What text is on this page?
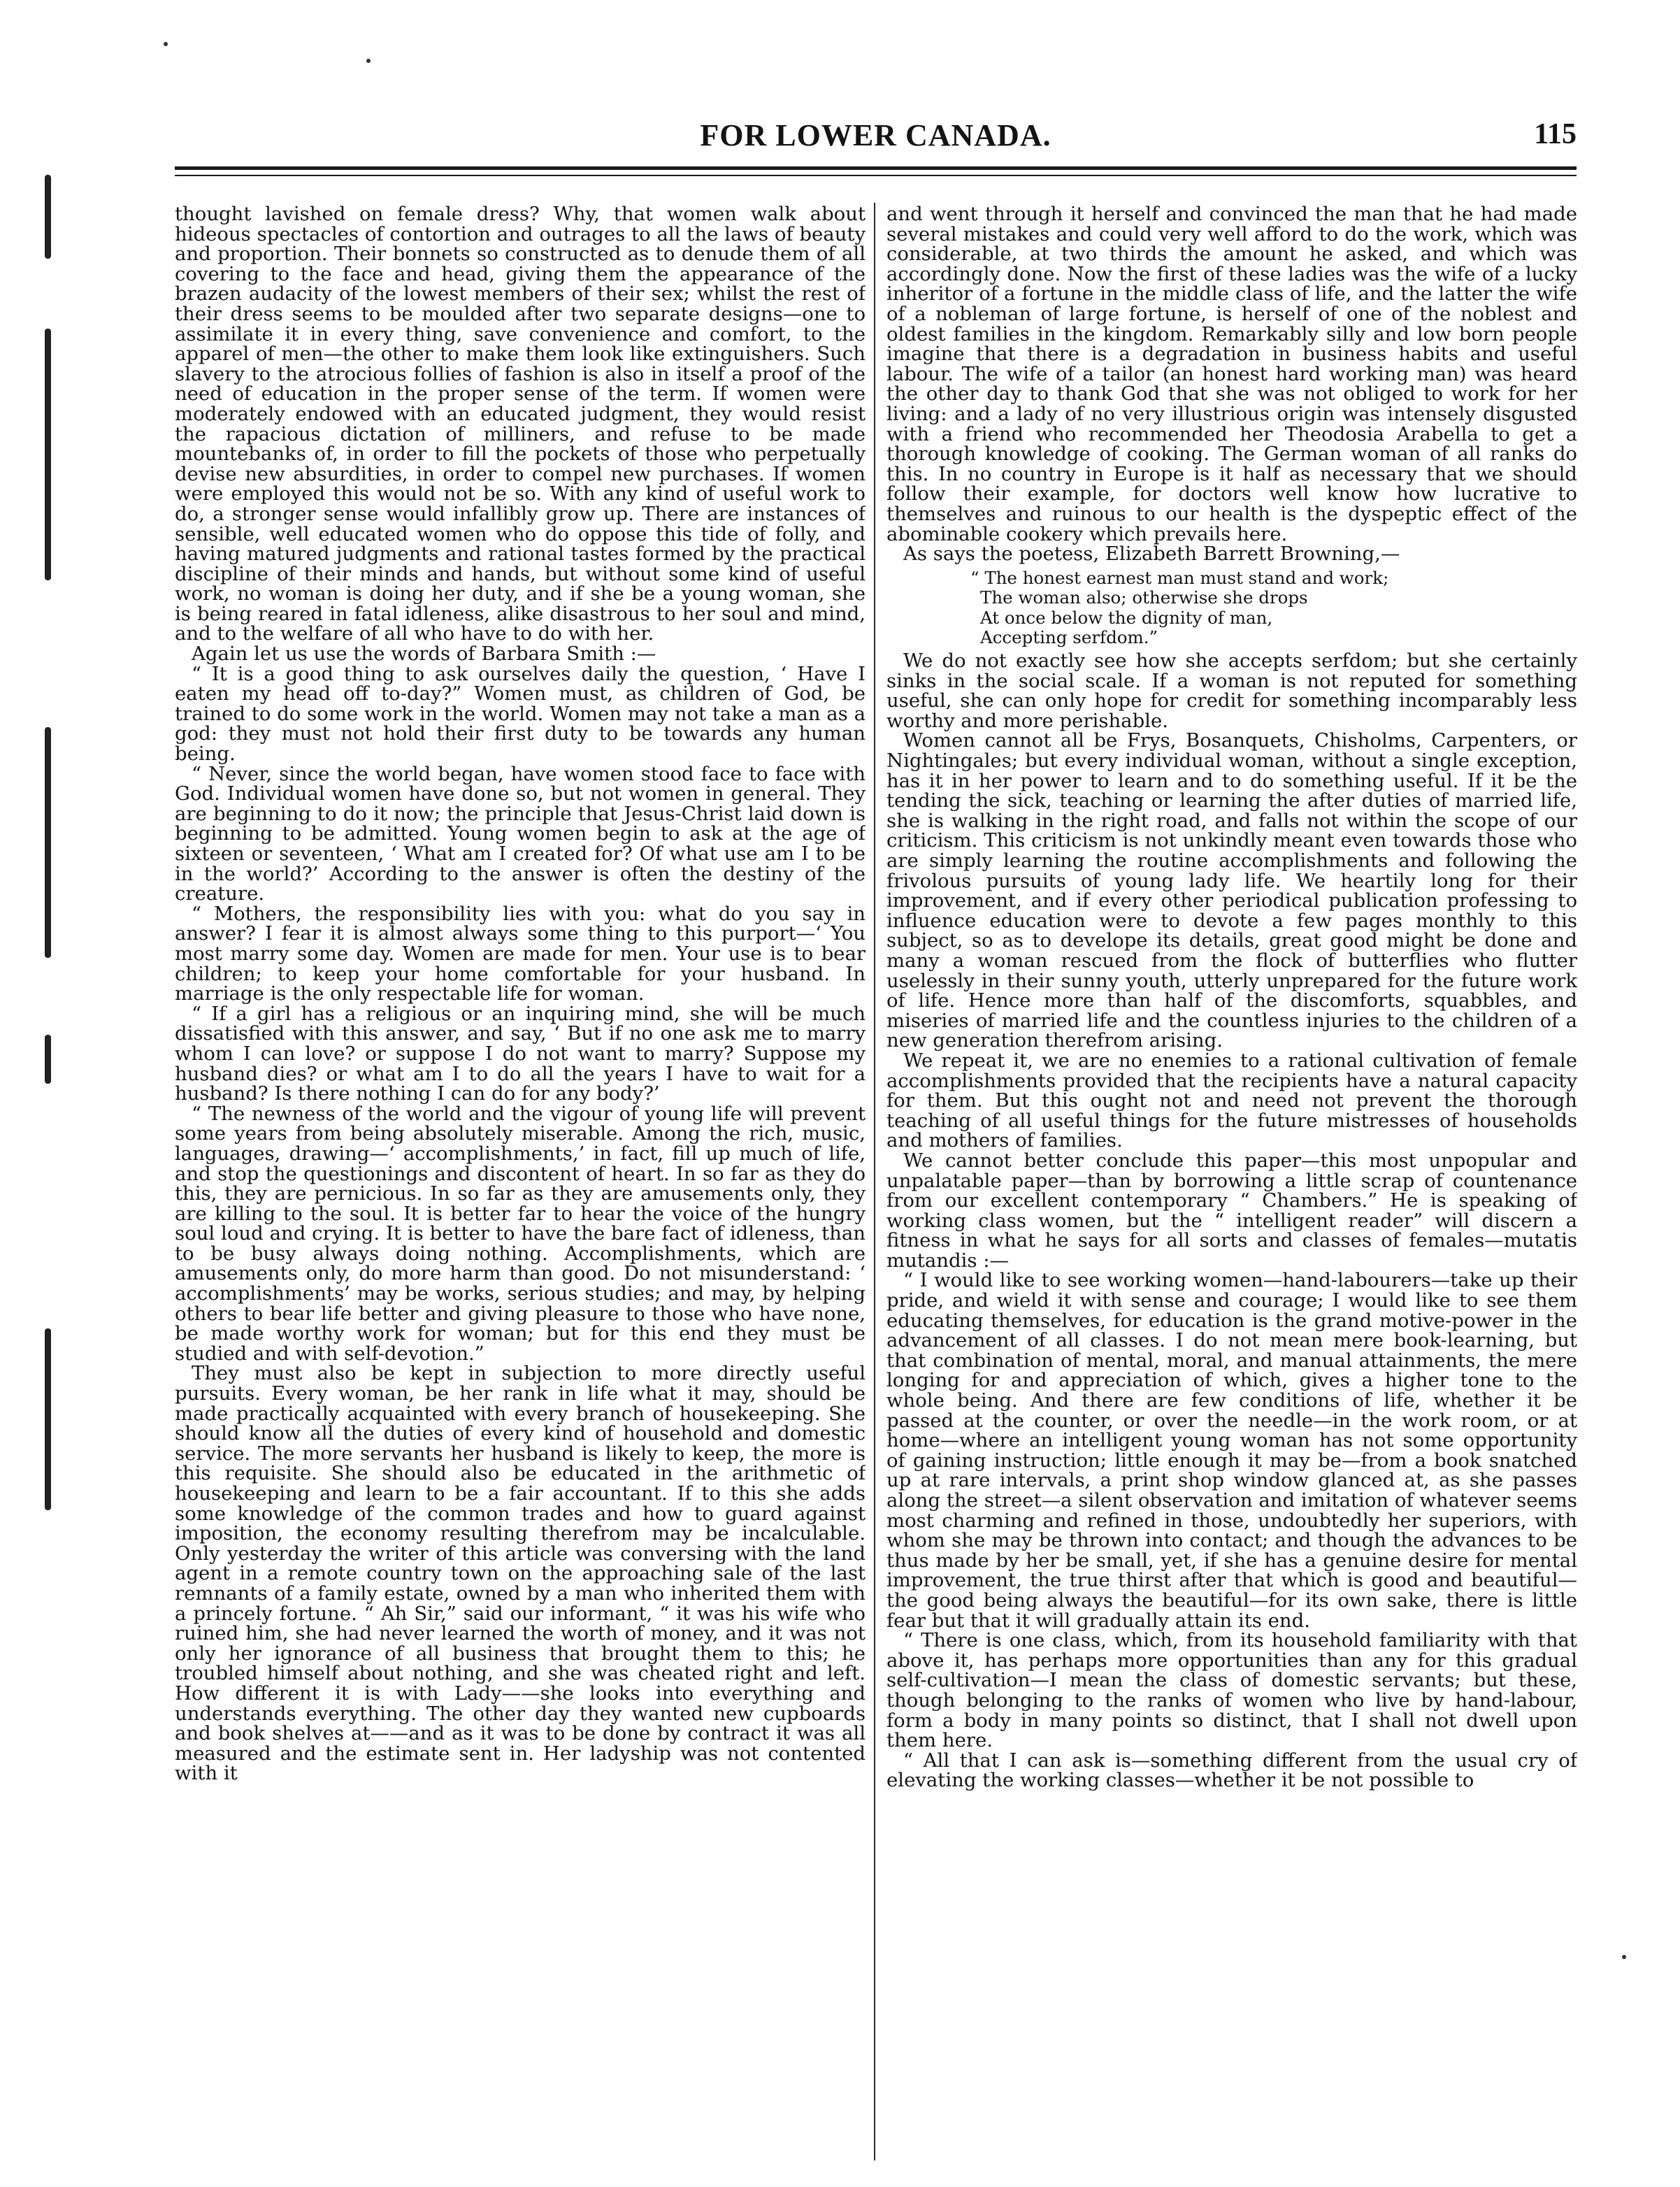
FOR LOWER CANADA.	115

thought lavished on female dress? Why, that women walk about hideous spectacles of contortion and outrages to all the laws of beauty and proportion. Their bonnets so constructed as to denude them of all covering to the face and head, giving them the appearance of the brazen audacity of the lowest members of their sex; whilst the rest of their dress seems to be moulded after two separate designs—one to assimilate it in every thing, save convenience and comfort, to the apparel of men—the other to make them look like extinguishers. Such slavery to the atrocious follies of fashion is also in itself a proof of the need of education in the proper sense of the term. If women were moderately endowed with an educated judgment, they would resist the rapacious dictation of milliners, and refuse to be made mountebanks of, in order to fill the pockets of those who perpetually devise new absurdities, in order to compel new purchases. If women were employed this would not be so. With any kind of useful work to do, a stronger sense would infallibly grow up. There are instances of sensible, well educated women who do oppose this tide of folly, and having matured judgments and rational tastes formed by the practical discipline of their minds and hands, but without some kind of useful work, no woman is doing her duty, and if she be a young woman, she is being reared in fatal idleness, alike disastrous to her soul and mind, and to the welfare of all who have to do with her.

Again let us use the words of Barbara Smith :—

“ It is a good thing to ask ourselves daily the question, ‘ Have I eaten my head off to-day?” Women must, as children of God, be trained to do some work in the world. Women may not take a man as a god: they must not hold their first duty to be towards any human being.

“ Never, since the world began, have women stood face to face with God. Individual women have done so, but not women in general. They are beginning to do it now; the principle that Jesus-Christ laid down is beginning to be admitted. Young women begin to ask at the age of sixteen or seventeen, ‘ What am I created for? Of what use am I to be in the world?’ According to the answer is often the destiny of the creature.

“ Mothers, the responsibility lies with you: what do you say in answer? I fear it is almost always some thing to this purport—‘ You most marry some day. Women are made for men. Your use is to bear children; to keep your home comfortable for your husband. In marriage is the only respectable life for woman.

“ If a girl has a religious or an inquiring mind, she will be much dissatisfied with this answer, and say, ‘ But if no one ask me to marry whom I can love? or suppose I do not want to marry? Suppose my husband dies? or what am I to do all the years I have to wait for a husband? Is there nothing I can do for any body?’

“ The newness of the world and the vigour of young life will prevent some years from being absolutely miserable. Among the rich, music, languages, drawing—‘ accomplishments,’ in fact, fill up much of life, and stop the questionings and discontent of heart. In so far as they do this, they are pernicious. In so far as they are amusements only, they are killing to the soul. It is better far to hear the voice of the hungry soul loud and crying. It is better to have the bare fact of idleness, than to be busy always doing nothing. Accomplishments, which are amusements only, do more harm than good. Do not misunderstand: ‘ accomplishments’ may be works, serious studies; and may, by helping others to bear life better and giving pleasure to those who have none, be made worthy work for woman; but for this end they must be studied and with self-devotion.”

They must also be kept in subjection to more directly useful pursuits. Every woman, be her rank in life what it may, should be made practically acquainted with every branch of housekeeping. She should know all the duties of every kind of household and domestic service. The more servants her husband is likely to keep, the more is this requisite. She should also be educated in the arithmetic of housekeeping and learn to be a fair accountant. If to this she adds some knowledge of the common trades and how to guard against imposition, the economy resulting therefrom may be incalculable. Only yesterday the writer of this article was conversing with the land agent in a remote country town on the approaching sale of the last remnants of a family estate, owned by a man who inherited them with a princely fortune. “ Ah Sir,” said our informant, “ it was his wife who ruined him, she had never learned the worth of money, and it was not only her ignorance of all business that brought them to this; he troubled himself about nothing, and she was cheated right and left. How different it is with Lady——she looks into everything and understands everything. The other day they wanted new cupboards and book shelves at——and as it was to be done by contract it was all measured and the estimate sent in. Her ladyship was not contented with it

and went through it herself and convinced the man that he had made several mistakes and could very well afford to do the work, which was considerable, at two thirds the amount he asked, and which was accordingly done. Now the first of these ladies was the wife of a lucky inheritor of a fortune in the middle class of life, and the latter the wife of a nobleman of large fortune, is herself of one of the noblest and oldest families in the kingdom. Remarkably silly and low born people imagine that there is a degradation in business habits and useful labour. The wife of a tailor (an honest hard working man) was heard the other day to thank God that she was not obliged to work for her living: and a lady of no very illustrious origin was intensely disgusted with a friend who recommended her Theodosia Arabella to get a thorough knowledge of cooking. The German woman of all ranks do this. In no country in Europe is it half as necessary that we should follow their example, for doctors well know how lucrative to themselves and ruinous to our health is the dyspeptic effect of the abominable cookery which prevails here.

As says the poetess, Elizabeth Barrett Browning,—

“ The honest earnest man must stand and work;
The woman also; otherwise she drops
At once below the dignity of man,
Accepting serfdom.”

We do not exactly see how she accepts serfdom; but she certainly sinks in the social scale. If a woman is not reputed for something useful, she can only hope for credit for something incomparably less worthy and more perishable.

Women cannot all be Frys, Bosanquets, Chisholms, Carpenters, or Nightingales; but every individual woman, without a single exception, has it in her power to learn and to do something useful. If it be the tending the sick, teaching or learning the after duties of married life, she is walking in the right road, and falls not within the scope of our criticism. This criticism is not unkindly meant even towards those who are simply learning the routine accomplishments and following the frivolous pursuits of young lady life. We heartily long for their improvement, and if every other periodical publication professing to influence education were to devote a few pages monthly to this subject, so as to develope its details, great good might be done and many a woman rescued from the flock of butterflies who flutter uselessly in their sunny youth, utterly unprepared for the future work of life. Hence more than half of the discomforts, squabbles, and miseries of married life and the countless injuries to the children of a new generation therefrom arising.

We repeat it, we are no enemies to a rational cultivation of female accomplishments provided that the recipients have a natural capacity for them. But this ought not and need not prevent the thorough teaching of all useful things for the future mistresses of households and mothers of families.

We cannot better conclude this paper—this most unpopular and unpalatable paper—than by borrowing a little scrap of countenance from our excellent contemporary “ Chambers.” He is speaking of working class women, but the “ intelligent reader” will discern a fitness in what he says for all sorts and classes of females—mutatis mutandis :—

“ I would like to see working women—hand-labourers—take up their pride, and wield it with sense and courage; I would like to see them educating themselves, for education is the grand motive-power in the advancement of all classes. I do not mean mere book-learning, but that combination of mental, moral, and manual attainments, the mere longing for and appreciation of which, gives a higher tone to the whole being. And there are few conditions of life, whether it be passed at the counter, or over the needle—in the work room, or at home—where an intelligent young woman has not some opportunity of gaining instruction; little enough it may be—from a book snatched up at rare intervals, a print shop window glanced at, as she passes along the street—a silent observation and imitation of whatever seems most charming and refined in those, undoubtedly her superiors, with whom she may be thrown into contact; and though the advances to be thus made by her be small, yet, if she has a genuine desire for mental improvement, the true thirst after that which is good and beautiful—the good being always the beautiful—for its own sake, there is little fear but that it will gradually attain its end.

“ There is one class, which, from its household familiarity with that above it, has perhaps more opportunities than any for this gradual self-cultivation—I mean the class of domestic servants; but these, though belonging to the ranks of women who live by hand-labour, form a body in many points so distinct, that I shall not dwell upon them here.

“ All that I can ask is—something different from the usual cry of elevating the working classes—whether it be not possible to
